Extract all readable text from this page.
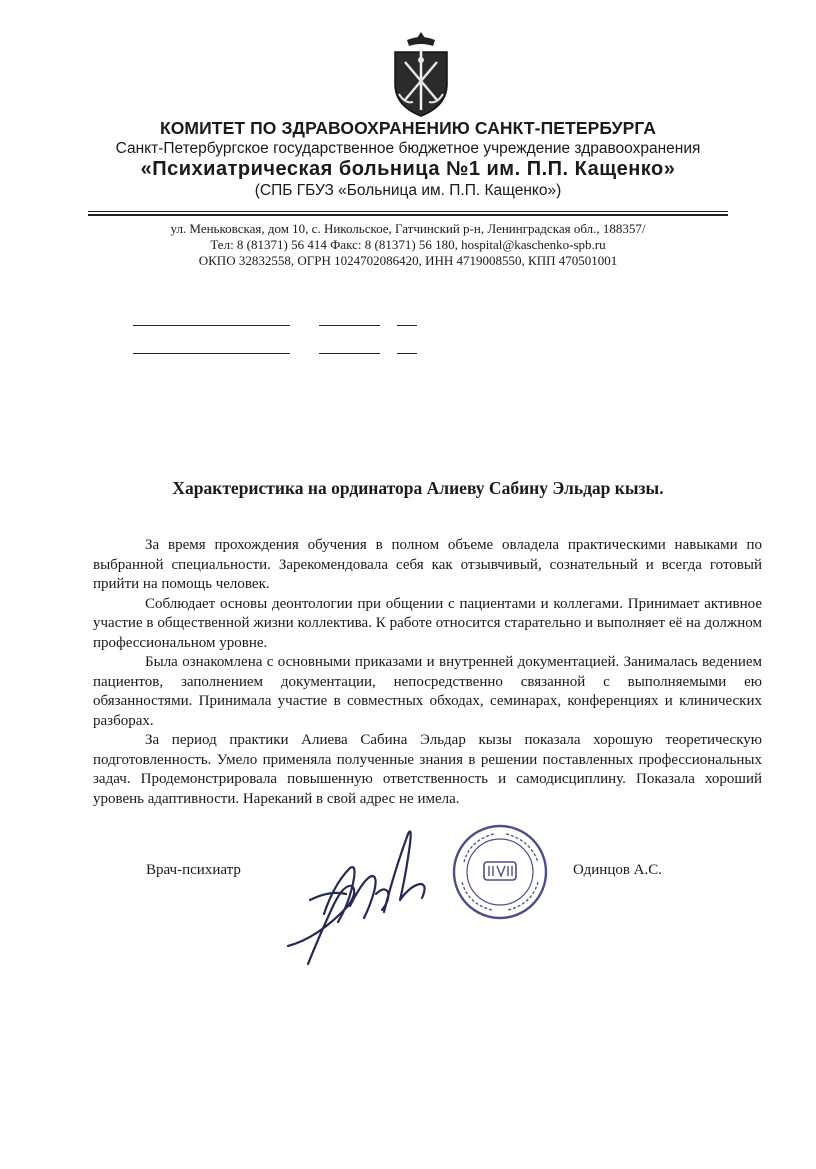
КОМИТЕТ ПО ЗДРАВООХРАНЕНИЮ САНКТ-ПЕТЕРБУРГА
Санкт-Петербургское государственное бюджетное учреждение здравоохранения
«Психиатрическая больница №1 им. П.П. Кащенко»
(СПБ ГБУЗ «Больница им. П.П. Кащенко»)
ул. Меньковская, дом 10, с. Никольское, Гатчинский р-н, Ленинградская обл., 188357/
Тел: 8 (81371) 56 414 Факс: 8 (81371) 56 180, hospital@kaschenko-spb.ru
ОКПО 32832558, ОГРН 1024702086420, ИНН 4719008550, КПП 470501001
Характеристика на ординатора Алиеву Сабину Эльдар кызы.

За время прохождения обучения в полном объеме овладела практическими навыками по выбранной специальности. Зарекомендовала себя как отзывчивый, сознательный и всегда готовый прийти на помощь человек.

Соблюдает основы деонтологии при общении с пациентами и коллегами. Принимает активное участие в общественной жизни коллектива. К работе относится старательно и выполняет её на должном профессиональном уровне.

Была ознакомлена с основными приказами и внутренней документацией. Занималась ведением пациентов, заполнением документации, непосредственно связанной с выполняемыми ею обязанностями. Принимала участие в совместных обходах, семинарах, конференциях и клинических разборах.

За период практики Алиева Сабина Эльдар кызы показала хорошую теоретическую подготовленность. Умело применяла полученные знания в решении поставленных профессиональных задач. Продемонстрировала повышенную ответственность и самодисциплину. Показала хороший уровень адаптивности. Нареканий в свой адрес не имела.

Врач-психиатр	Одинцов А.С.
